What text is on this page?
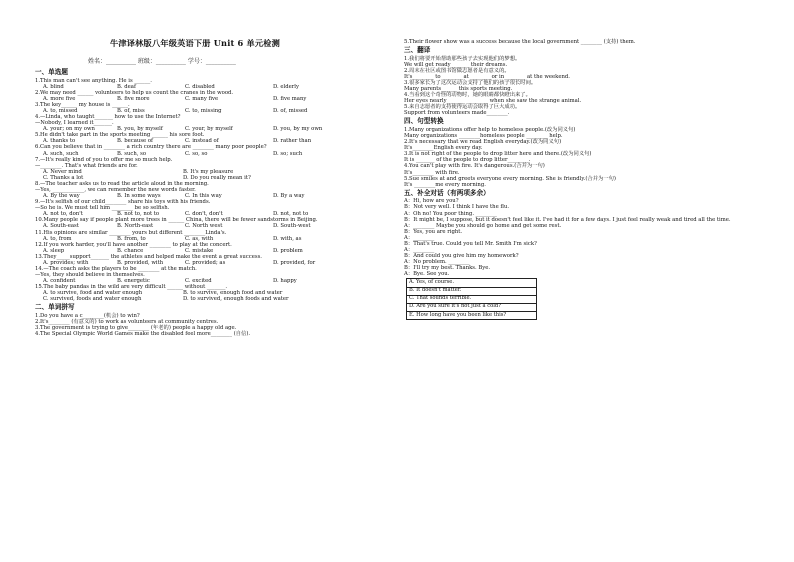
牛津译林版八年级英语下册 Unit 6 单元检测
姓名：__________ 班级：__________ 学号：__________
一、单选题
1.This man can't see anything. He is ______.
A. blind	B. deaf	C. disabled	D. elderly
2.We may need ______ volunteers to help us count the cranes in the wood.
A. more five	B. five more	C. many five	D. five many
3.The key______ my house is ______.
A. to, missed	B. of, miss	C. to, missing	D. of, missed
4.—Linda, who taught_______ how to use the Internet?
—Nobody, I learned it_______.
A. your; on my own	B. you, by myself	C. your, by myself	D. you, by my own
5.He didn't take part in the sports meeting ______ his sore foot.
A. thanks to	B. because of	C. instead of	D. rather than
6.Can you believe that in ________ a rich country there are ________ many poor people?
A. such, such	B. such, so	C. so, so	D. so; such
7.—It's really kind of you to offer me so much help.
—________. That's what friends are for.
A. Never mind	B. It's my pleasure
C. Thanks a lot	D. Do you really mean it?
8.—The teacher asks us to read the article aloud in the morning.
—Yes, ____________, we can remember the new words faster.
A. By the way	B. In some ways	C. In this way	D. By a way
9.—It's selfish of our child________ share his toys with his friends.
—So he is. We must tell him ________ be so selfish.
A. not to, don't	B. not to, not to	C. don't, don't	D. not, not to
10.Many people say if people plant more trees in ______ China, there will be fewer sandstorms in Beijing.
A. South-east	B. North-east	C. North west	D. South-west
11.His opinions are similar ________ yours but different ________Linda's.
A. to, from	B. from, to	C. as, with	D. with, as
12.If you work harder, you'll have another ________ to play at the concert.
A. sleep	B. chance	C. mistake	D. problem
13.They_____support_______ the athletes and helped make the event a great success.
A. provides; with	B. provided, with	C. provided; as	D. provided, for
14.—The coach asks the players to be ________ at the match.
—Yes, they should believe in themselves.
A. confident	B. energetic	C. excited	D. happy
15.The baby pandas in the wild are very difficult ______ without _______.
A. to survive, food and water enough	B. to survive, enough food and water
C. survived, foods and water enough	D. to survived, enough foods and water
二、单词拼写
1.Do you have a c________(机会) to win?
2.It's________ (有意义的) to work as volunteers at community centres.
3.The government is trying to give________ (年老的) people a happy old age.
4.The Special Olympic World Games make the disabled feel more________ (自信).
5.Their flower show was a success because the local government ________ (支持) them.
三、翻译
1.我们将要开始帮助那些孩子去实现他们的梦想。
We will get ready_______ their dreams.
2.周末在社区或图书馆做志愿者是有意义的。
It's________ to ________at ________or in________ at the weekend.
3.很多家长为了这次运动会支持了他们的孩子很长时间。
Many parents______ this sports meeting.
4.当看到这个奇怪的动物时，她的眼睛都快瞪出来了。
Her eyes nearly_______ ________ when she saw the strange animal.
5.来自志愿者的支持使得运动会取得了巨大成功。
Support from volunteers made________.
四、句型转换
1.Many organizations offer help to homeless people.(改为同义句)
Many organizations ________homeless people ________ help.
2.It's necessary that we read English everyday.(改为同义句)
It's________English every day.
3.It is not right of the people to drop litter here and there.(改为同义句)
It is _______ of the people to drop litter________.
4.You can't play with fire. It's dangerous.(合并为一句)
It's________ with fire.
5.Sue smiles at and greets everyone every morning. She is friendly.(合并为一句)
It's ________me every morning.
五、补全对话（有两项多余）
A：Hi, how are you?
B：Not very well. I think I have the flu.
A：Oh no! You poor thing. ________
B：It might be, I suppose, but it doesn't feel like it. I've had it for a few days. I just feel really weak and tired all the time.
A：________ Maybe you should go home and get some rest.
B：Yes, you are right.
A：________
B：That's true. Could you tell Mr. Smith I'm sick?
A：________
B：And could you give him my homework?
A：No problem. ________
B：I'll try my best. Thanks. Bye.
A：Bye. See you.
A. Yes, of course.
B. It doesn't matter.
C. That sounds terrible.
D. Are you sure it's not just a cold?
E. How long have you been like this?
